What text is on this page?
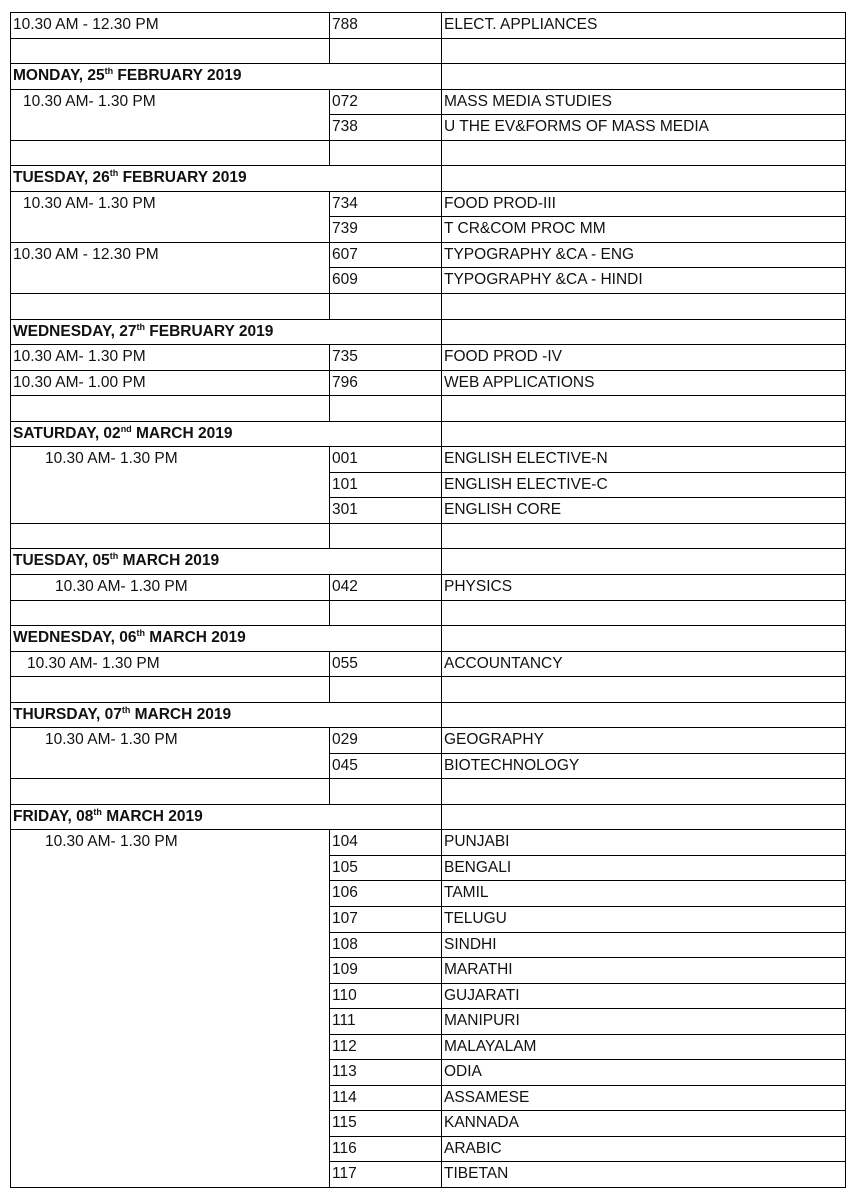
10.30 AM - 12.30 PM	788	ELECT. APPLIANCES
MONDAY, 25th FEBRUARY 2019
10.30 AM- 1.30 PM	072	MASS MEDIA STUDIES
738	U THE EV&FORMS OF MASS MEDIA
TUESDAY, 26th FEBRUARY 2019
10.30 AM- 1.30 PM	734	FOOD PROD-III
739	T CR&COM PROC MM
10.30 AM - 12.30 PM	607	TYPOGRAPHY &CA - ENG
609	TYPOGRAPHY &CA - HINDI
WEDNESDAY, 27th FEBRUARY 2019
10.30 AM- 1.30 PM	735	FOOD PROD -IV
10.30 AM- 1.00 PM	796	WEB APPLICATIONS
SATURDAY, 02nd MARCH 2019
10.30 AM- 1.30 PM	001	ENGLISH ELECTIVE-N
101	ENGLISH ELECTIVE-C
301	ENGLISH CORE
TUESDAY, 05th MARCH 2019
10.30 AM- 1.30 PM	042	PHYSICS
WEDNESDAY, 06th MARCH 2019
10.30 AM- 1.30 PM	055	ACCOUNTANCY
THURSDAY, 07th MARCH 2019
10.30 AM- 1.30 PM	029	GEOGRAPHY
045	BIOTECHNOLOGY
FRIDAY, 08th MARCH 2019
10.30 AM- 1.30 PM	104	PUNJABI
105	BENGALI
106	TAMIL
107	TELUGU
108	SINDHI
109	MARATHI
110	GUJARATI
111	MANIPURI
112	MALAYALAM
113	ODIA
114	ASSAMESE
115	KANNADA
116	ARABIC
117	TIBETAN
